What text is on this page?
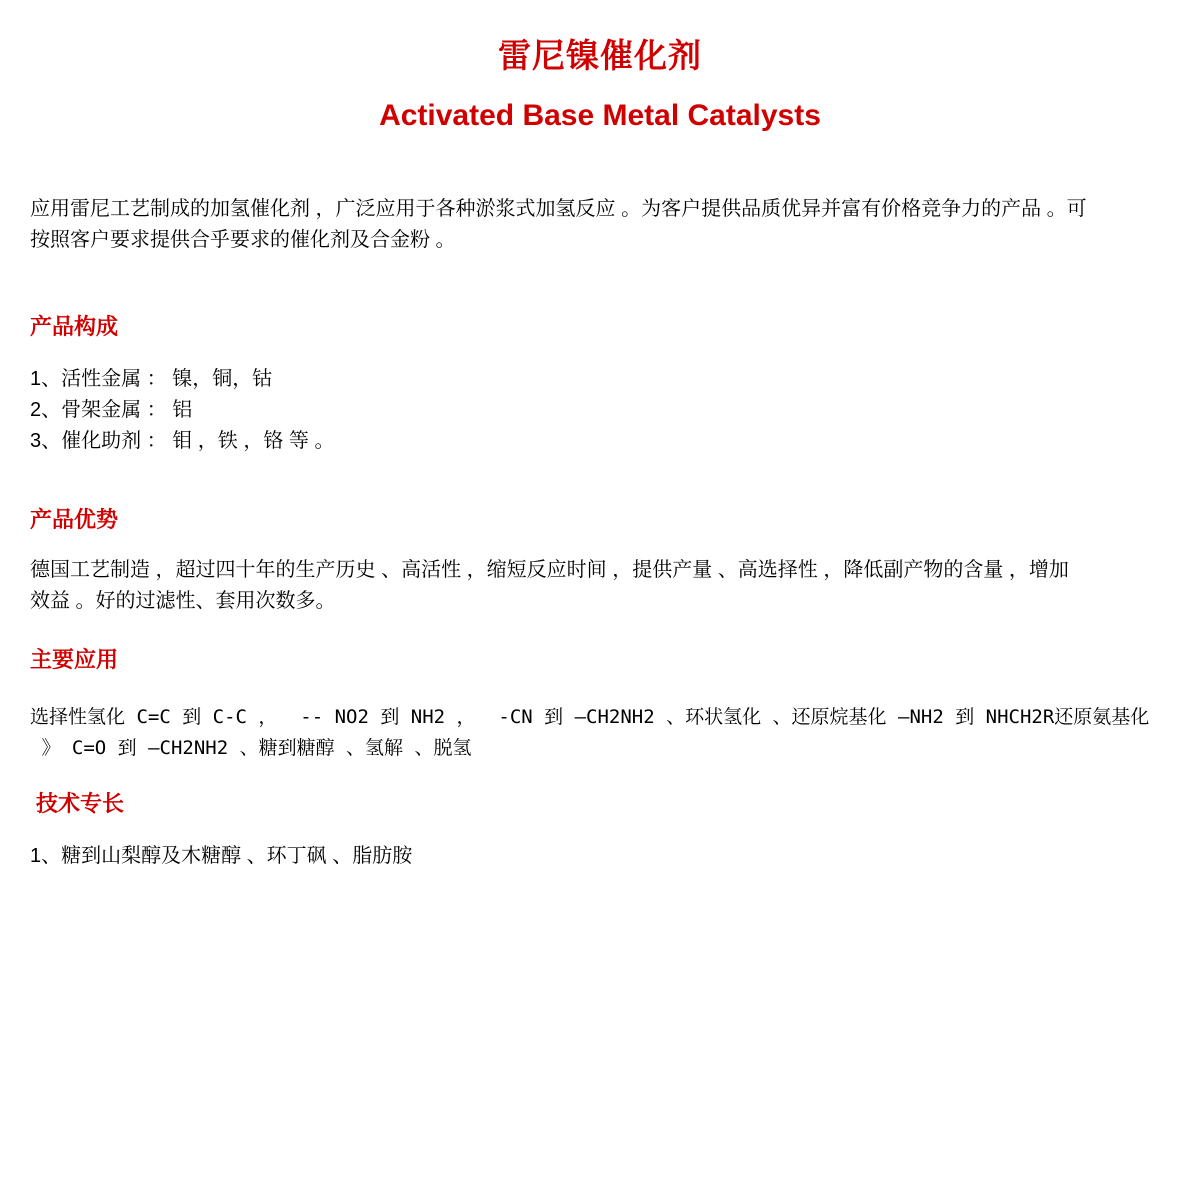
雷尼镍催化剂
Activated Base Metal Catalysts
应用雷尼工艺制成的加氢催化剂 ，广泛应用于各种淤浆式加氢反应 。为客户提供品质优异并富有价格竞争力的产品 。可
按照客户要求提供合乎要求的催化剂及合金粉 。
产品构成
1、活性金属 ： 镍，铜，钴
2、骨架金属 ： 铝
3、催化助剂 ： 钼 ，铁 ，铬 等 。
产品优势
德国工艺制造 ，超过四十年的生产历史 、高活性 ，缩短反应时间 ，提供产量 、高选择性 ，降低副产物的含量 ，增加
效益 。好的过滤性、套用次数多。
主要应用
选择性氢化 C=C 到 C-C ，  -- NO2 到 NH2 ，  -CN 到 –CH2NH2 、环状氢化 、还原烷基化 –NH2 到 NHCH2R还原氨基化
》 C=O 到 –CH2NH2 、糖到糖醇 、氢解 、脱氢
技术专长
1、糖到山梨醇及木糖醇 、环丁砜 、脂肪胺
